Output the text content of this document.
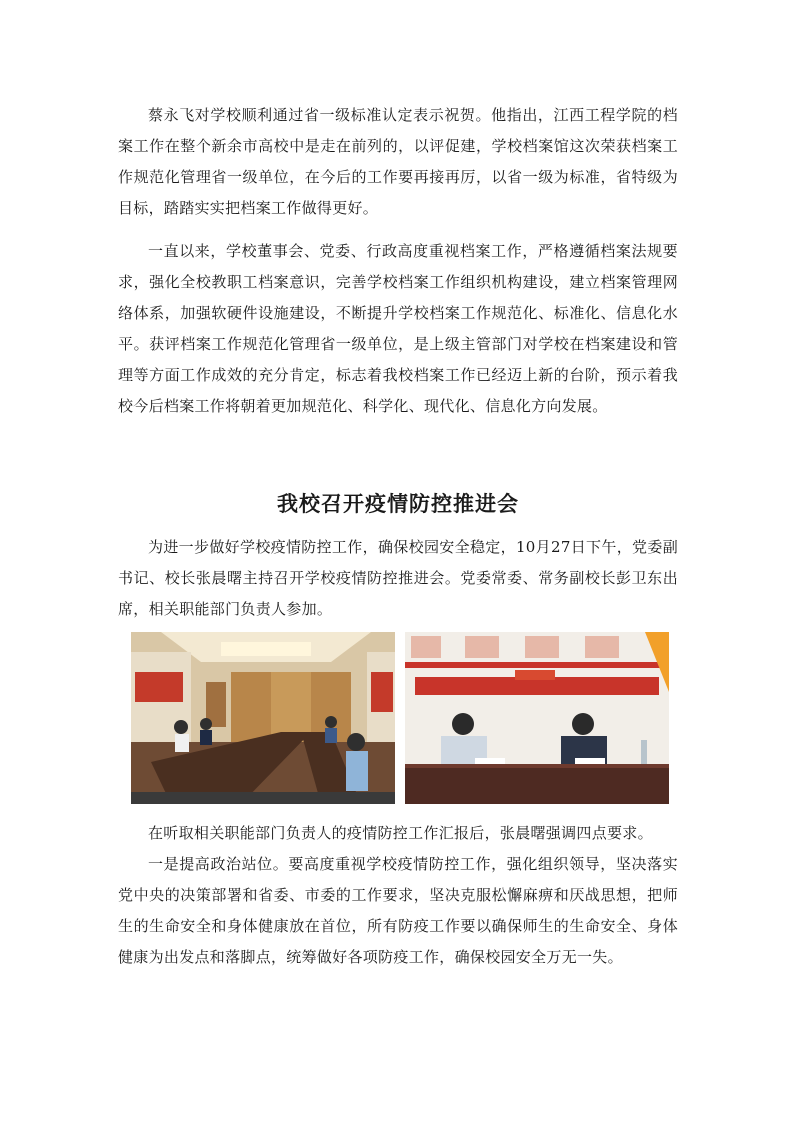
蔡永飞对学校顺利通过省一级标准认定表示祝贺。他指出，江西工程学院的档案工作在整个新余市高校中是走在前列的，以评促建，学校档案馆这次荣获档案工作规范化管理省一级单位，在今后的工作要再接再厉，以省一级为标准，省特级为目标，踏踏实实把档案工作做得更好。

一直以来，学校董事会、党委、行政高度重视档案工作，严格遵循档案法规要求，强化全校教职工档案意识，完善学校档案工作组织机构建设，建立档案管理网络体系，加强软硬件设施建设，不断提升学校档案工作规范化、标准化、信息化水平。获评档案工作规范化管理省一级单位，是上级主管部门对学校在档案建设和管理等方面工作成效的充分肯定，标志着我校档案工作已经迈上新的台阶，预示着我校今后档案工作将朝着更加规范化、科学化、现代化、信息化方向发展。

我校召开疫情防控推进会

为进一步做好学校疫情防控工作，确保校园安全稳定，10月27日下午，党委副书记、校长张晨曙主持召开学校疫情防控推进会。党委常委、常务副校长彭卫东出席，相关职能部门负责人参加。

在听取相关职能部门负责人的疫情防控工作汇报后，张晨曙强调四点要求。

一是提高政治站位。要高度重视学校疫情防控工作，强化组织领导，坚决落实党中央的决策部署和省委、市委的工作要求，坚决克服松懈麻痹和厌战思想，把师生的生命安全和身体健康放在首位，所有防疫工作要以确保师生的生命安全、身体健康为出发点和落脚点，统筹做好各项防疫工作，确保校园安全万无一失。
